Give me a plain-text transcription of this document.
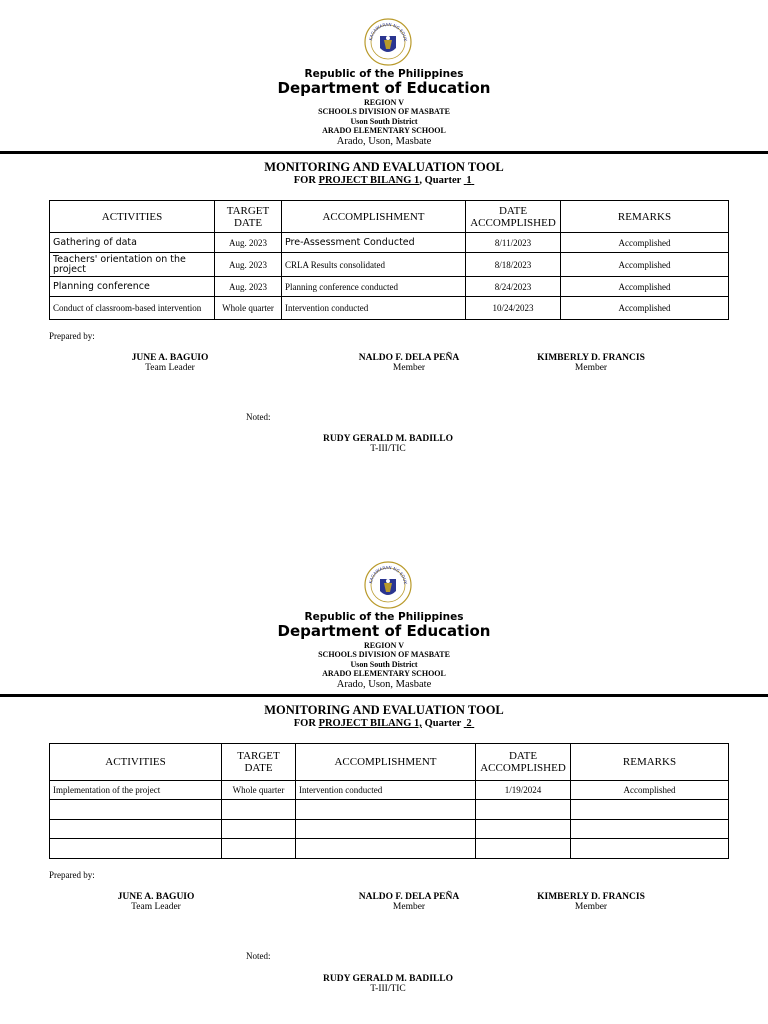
KAGAWARAN NG EDUK
Republic of the Philippines
Department of Education
REGION V
SCHOOLS DIVISION OF MASBATE
Uson South District
ARADO ELEMENTARY SCHOOL
Arado, Uson, Masbate
MONITORING AND EVALUATION TOOL
FOR PROJECT BILANG 1, Quarter 1
ACTIVITIES	TARGET DATE	ACCOMPLISHMENT	DATE ACCOMPLISHED	REMARKS
Gathering of data	Aug. 2023	Pre-Assessment Conducted	8/11/2023	Accomplished
Teachers' orientation on the project	Aug. 2023	CRLA Results consolidated	8/18/2023	Accomplished
Planning conference	Aug. 2023	Planning conference conducted	8/24/2023	Accomplished
Conduct of classroom-based intervention	Whole quarter	Intervention conducted	10/24/2023	Accomplished
Prepared by:
JUNE A. BAGUIO
Team Leader
NALDO F. DELA PEÑA
Member
KIMBERLY D. FRANCIS
Member
Noted:
RUDY GERALD M. BADILLO
T-III/TIC
KAGAWARAN NG EDUK
Republic of the Philippines
Department of Education
REGION V
SCHOOLS DIVISION OF MASBATE
Uson South District
ARADO ELEMENTARY SCHOOL
Arado, Uson, Masbate
MONITORING AND EVALUATION TOOL
FOR PROJECT BILANG 1, Quarter 2
ACTIVITIES	TARGET DATE	ACCOMPLISHMENT	DATE ACCOMPLISHED	REMARKS
Implementation of the project	Whole quarter	Intervention conducted	1/19/2024	Accomplished

Prepared by:
JUNE A. BAGUIO
Team Leader
NALDO F. DELA PEÑA
Member
KIMBERLY D. FRANCIS
Member
Noted:
RUDY GERALD M. BADILLO
T-III/TIC
